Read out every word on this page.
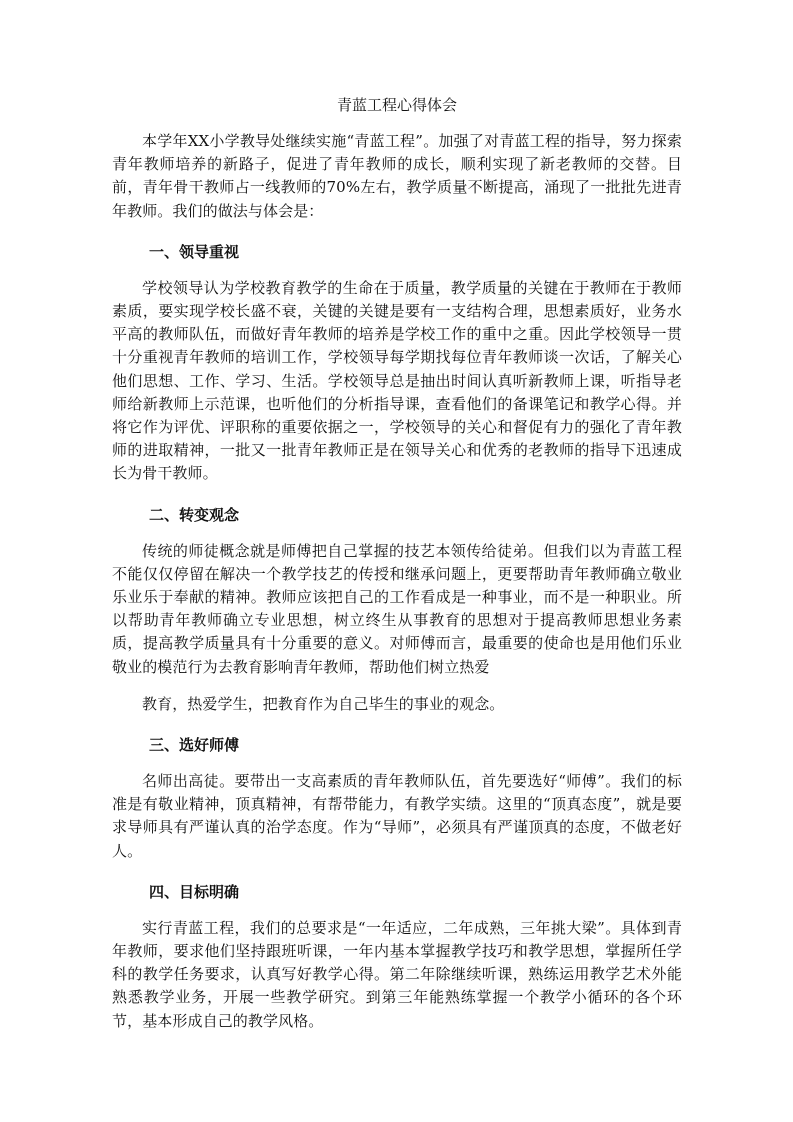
青蓝工程心得体会

本学年XX小学教导处继续实施“青蓝工程”。加强了对青蓝工程的指导，努力探索青年教师培养的新路子，促进了青年教师的成长，顺利实现了新老教师的交替。目前，青年骨干教师占一线教师的70%左右，教学质量不断提高，涌现了一批批先进青年教师。我们的做法与体会是：

一、领导重视

学校领导认为学校教育教学的生命在于质量，教学质量的关键在于教师在于教师素质，要实现学校长盛不衰，关键的关键是要有一支结构合理，思想素质好，业务水平高的教师队伍，而做好青年教师的培养是学校工作的重中之重。因此学校领导一贯十分重视青年教师的培训工作，学校领导每学期找每位青年教师谈一次话，了解关心他们思想、工作、学习、生活。学校领导总是抽出时间认真听新教师上课，听指导老师给新教师上示范课，也听他们的分析指导课，查看他们的备课笔记和教学心得。并将它作为评优、评职称的重要依据之一，学校领导的关心和督促有力的强化了青年教师的进取精神，一批又一批青年教师正是在领导关心和优秀的老教师的指导下迅速成长为骨干教师。

二、转变观念

传统的师徒概念就是师傅把自己掌握的技艺本领传给徒弟。但我们以为青蓝工程不能仅仅停留在解决一个教学技艺的传授和继承问题上，更要帮助青年教师确立敬业乐业乐于奉献的精神。教师应该把自己的工作看成是一种事业，而不是一种职业。所以帮助青年教师确立专业思想，树立终生从事教育的思想对于提高教师思想业务素质，提高教学质量具有十分重要的意义。对师傅而言，最重要的使命也是用他们乐业敬业的模范行为去教育影响青年教师，帮助他们树立热爱

教育，热爱学生，把教育作为自己毕生的事业的观念。

三、选好师傅

名师出高徒。要带出一支高素质的青年教师队伍，首先要选好“师傅”。我们的标准是有敬业精神，顶真精神，有帮带能力，有教学实绩。这里的“顶真态度”，就是要求导师具有严谨认真的治学态度。作为“导师”，必须具有严谨顶真的态度，不做老好人。

四、目标明确

实行青蓝工程，我们的总要求是“一年适应，二年成熟，三年挑大梁”。具体到青年教师，要求他们坚持跟班听课，一年内基本掌握教学技巧和教学思想，掌握所任学科的教学任务要求，认真写好教学心得。第二年除继续听课，熟练运用教学艺术外能熟悉教学业务，开展一些教学研究。到第三年能熟练掌握一个教学小循环的各个环节，基本形成自己的教学风格。
